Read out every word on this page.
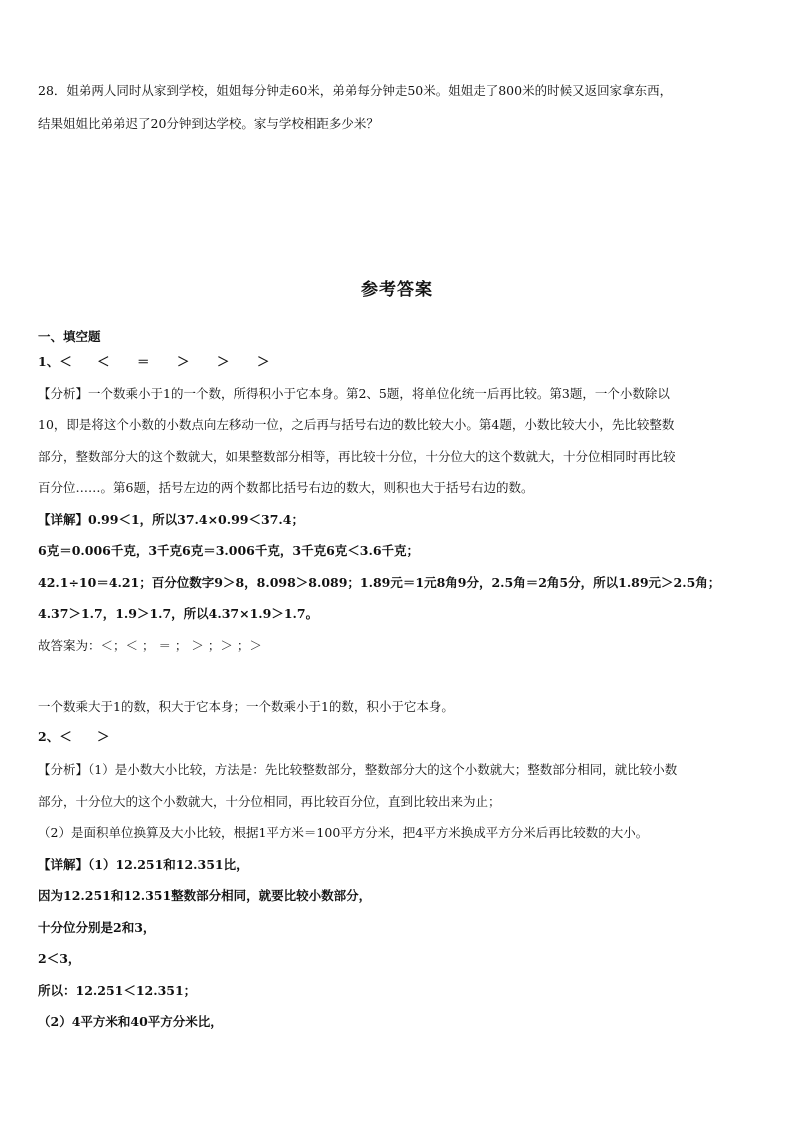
28．姐弟两人同时从家到学校，姐姐每分钟走60米，弟弟每分钟走50米。姐姐走了800米的时候又返回家拿东西，
结果姐姐比弟弟迟了20分钟到达学校。家与学校相距多少米？
参考答案
一、填空题
1、＜ ＜ ＝ ＞ ＞ ＞
【分析】一个数乘小于1的一个数，所得积小于它本身。第2、5题，将单位化统一后再比较。第3题，一个小数除以
10，即是将这个小数的小数点向左移动一位，之后再与括号右边的数比较大小。第4题，小数比较大小，先比较整数
部分，整数部分大的这个数就大，如果整数部分相等，再比较十分位，十分位大的这个数就大，十分位相同时再比较
百分位……。第6题，括号左边的两个数都比括号右边的数大，则积也大于括号右边的数。
【详解】0.99＜1，所以37.4×0.99＜37.4；
6克＝0.006千克，3千克6克＝3.006千克，3千克6克＜3.6千克；
42.1÷10＝4.21；百分位数字9＞8，8.098＞8.089；1.89元＝1元8角9分，2.5角＝2角5分，所以1.89元＞2.5角；
4.37＞1.7，1.9＞1.7，所以4.37×1.9＞1.7。
故答案为：＜；＜ ； ＝ ； ＞ ；＞ ；＞
一个数乘大于1的数，积大于它本身；一个数乘小于1的数，积小于它本身。
2、＜ ＞
【分析】（1）是小数大小比较，方法是：先比较整数部分，整数部分大的这个小数就大；整数部分相同，就比较小数
部分，十分位大的这个小数就大，十分位相同，再比较百分位，直到比较出来为止；
（2）是面积单位换算及大小比较，根据1平方米＝100平方分米，把4平方米换成平方分米后再比较数的大小。
【详解】（1）12.251和12.351比，
因为12.251和12.351整数部分相同，就要比较小数部分，
十分位分别是2和3，
2＜3，
所以：12.251＜12.351；
（2）4平方米和40平方分米比，
